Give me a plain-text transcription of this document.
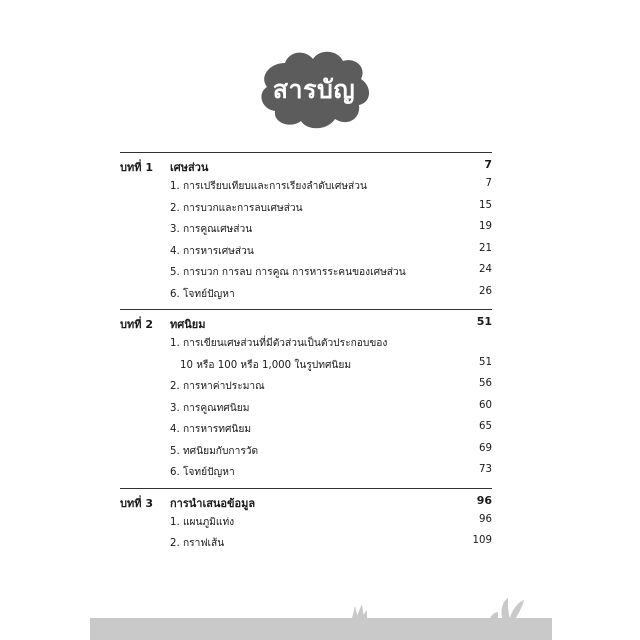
สารบัญ
บทที่ 1 เศษส่วน	7
1. การเปรียบเทียบและการเรียงลำดับเศษส่วน	7
2. การบวกและการลบเศษส่วน	15
3. การคูณเศษส่วน	19
4. การหารเศษส่วน	21
5. การบวก การลบ การคูณ การหารระคนของเศษส่วน	24
6. โจทย์ปัญหา	26
บทที่ 2 ทศนิยม	51
1. การเขียนเศษส่วนที่มีตัวส่วนเป็นตัวประกอบของ
10 หรือ 100 หรือ 1,000 ในรูปทศนิยม	51
2. การหาค่าประมาณ	56
3. การคูณทศนิยม	60
4. การหารทศนิยม	65
5. ทศนิยมกับการวัด	69
6. โจทย์ปัญหา	73
บทที่ 3 การนำเสนอข้อมูล	96
1. แผนภูมิแท่ง	96
2. กราฟเส้น	109
